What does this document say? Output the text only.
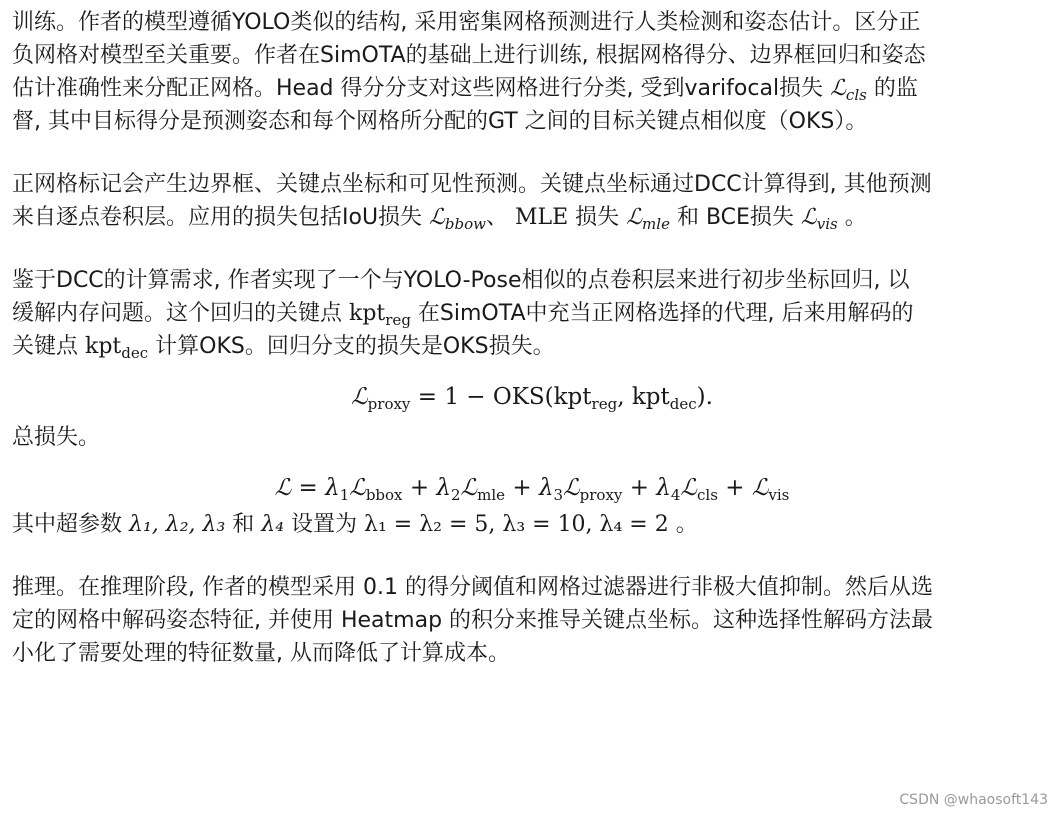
训练。作者的模型遵循YOLO类似的结构, 采用密集网格预测进行人类检测和姿态估计。区分正

负网格对模型至关重要。作者在SimOTA的基础上进行训练, 根据网格得分、边界框回归和姿态

估计准确性来分配正网格。Head 得分分支对这些网格进行分类, 受到varifocal损失 ℒ$_{cls}$ 的监

督, 其中目标得分是预测姿态和每个网格所分配的GT 之间的目标关键点相似度（OKS）。

正网格标记会产生边界框、关键点坐标和可见性预测。关键点坐标通过DCC计算得到, 其他预测

来自逐点卷积层。应用的损失包括IoU损失 ℒ$_{bbow}$、 MLE 损失 ℒ$_{mle}$ 和 BCE损失 ℒ$_{vis}$ 。

鉴于DCC的计算需求, 作者实现了一个与YOLO-Pose相似的点卷积层来进行初步坐标回归, 以

缓解内存问题。这个回归的关键点 kpt$_{reg}$ 在SimOTA中充当正网格选择的代理, 后来用解码的

关键点 kpt$_{dec}$ 计算OKS。回归分支的损失是OKS损失。

ℒ$_{proxy}$ = 1 − OKS(kpt$_{reg}$, kpt$_{dec}$).

总损失。

ℒ = $\lambda_1ℒ_{bbox}$ + $\lambda_2ℒ_{mle}$ + $\lambda_3ℒ_{proxy}$ + $\lambda_4ℒ_{cls}$ + ℒ$_{vis}$

其中超参数 λ₁, λ₂, λ₃ 和 λ₄ 设置为 λ₁ = λ₂ = 5, λ₃ = 10, λ₄ = 2 。

推理。在推理阶段, 作者的模型采用 0.1 的得分阈值和网格过滤器进行非极大值抑制。然后从选

定的网格中解码姿态特征, 并使用 Heatmap 的积分来推导关键点坐标。这种选择性解码方法最

小化了需要处理的特征数量, 从而降低了计算成本。

CSDN @whaosoft143
